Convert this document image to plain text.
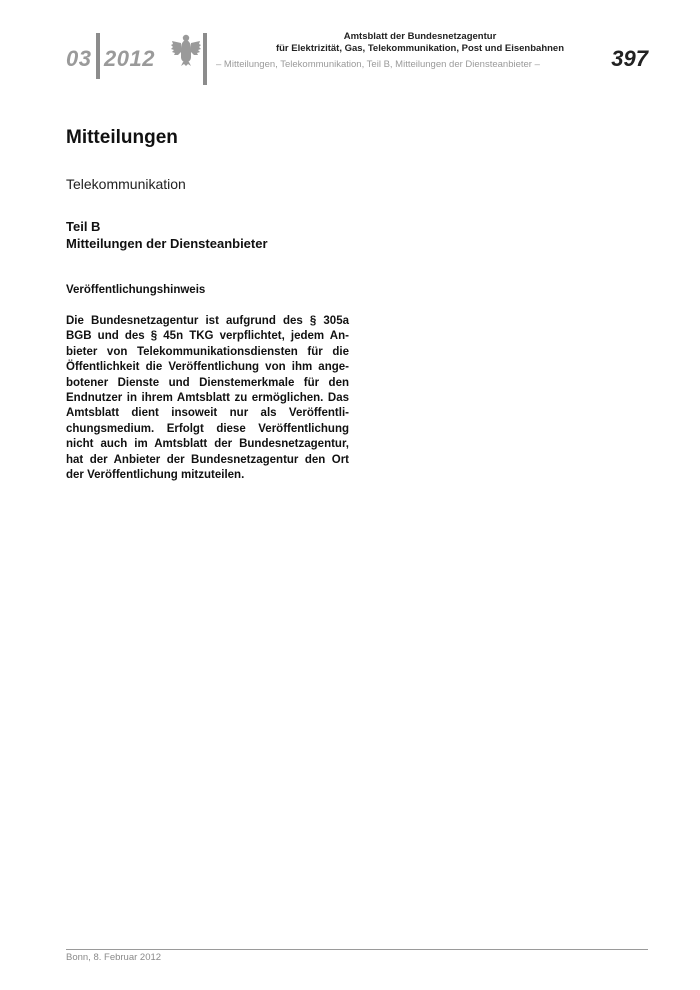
03 2012
Amtsblatt der Bundesnetzagentur
für Elektrizität, Gas, Telekommunikation, Post und Eisenbahnen
– Mitteilungen, Telekommunikation, Teil B, Mitteilungen der Diensteanbieter –	397
Mitteilungen
Telekommunikation
Teil B
Mitteilungen der Diensteanbieter
Veröffentlichungshinweis
Die Bundesnetzagentur ist aufgrund des § 305a BGB und des § 45n TKG verpflichtet, jedem Anbieter von Telekommunikationsdiensten für die Öffentlichkeit die Veröffentlichung von ihm angebotener Dienste und Dienstemerkmale für den Endnutzer in ihrem Amtsblatt zu ermöglichen. Das Amtsblatt dient insoweit nur als Veröffentlichungsmedium. Erfolgt diese Veröffentlichung nicht auch im Amtsblatt der Bundesnetzagentur, hat der Anbieter der Bundesnetzagentur den Ort der Veröffentlichung mitzuteilen.
Bonn, 8. Februar 2012
